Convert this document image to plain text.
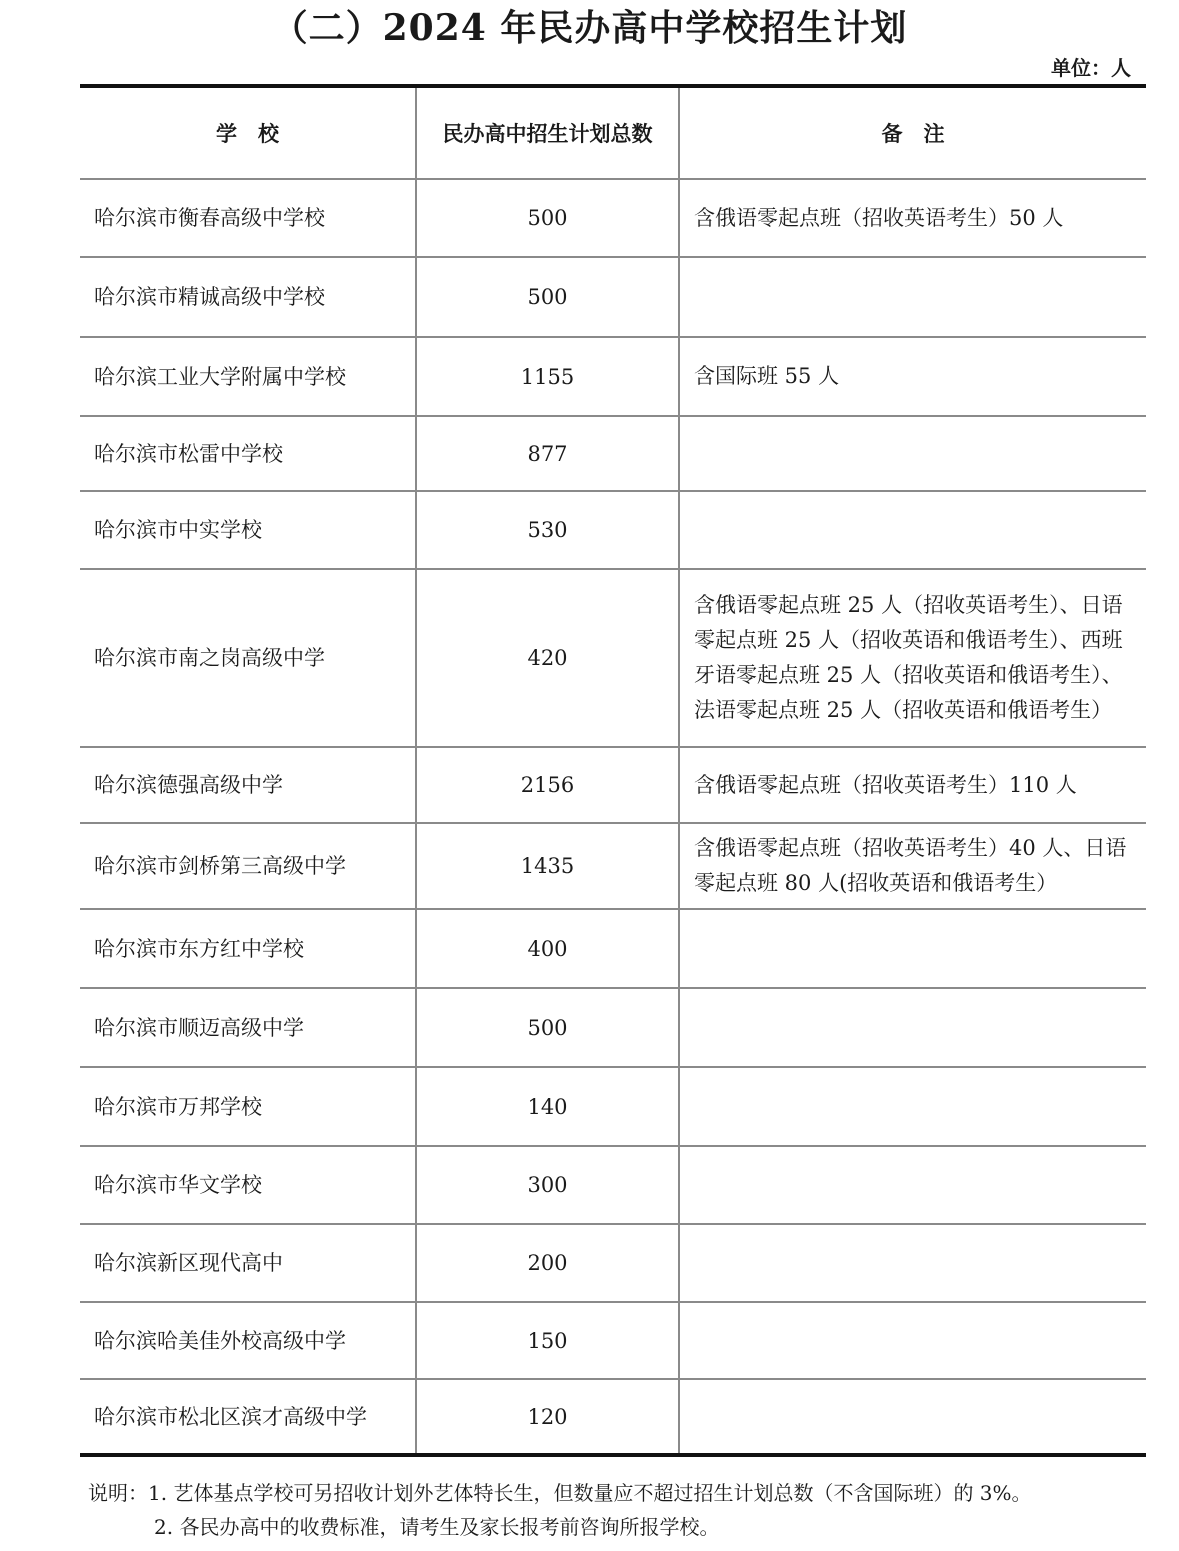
（二）2024 年民办高中学校招生计划
单位：人
学　校	民办高中招生计划总数	备　注
哈尔滨市衡春高级中学校	500	含俄语零起点班（招收英语考生）50 人
哈尔滨市精诚高级中学校	500	
哈尔滨工业大学附属中学校	1155	含国际班 55 人
哈尔滨市松雷中学校	877	
哈尔滨市中实学校	530	
哈尔滨市南之岗高级中学	420	含俄语零起点班 25 人（招收英语考生）、日语零起点班 25 人（招收英语和俄语考生）、西班牙语零起点班 25 人（招收英语和俄语考生）、法语零起点班 25 人（招收英语和俄语考生）
哈尔滨德强高级中学	2156	含俄语零起点班（招收英语考生）110 人
哈尔滨市剑桥第三高级中学	1435	含俄语零起点班（招收英语考生）40 人、日语零起点班 80 人(招收英语和俄语考生）
哈尔滨市东方红中学校	400	
哈尔滨市顺迈高级中学	500	
哈尔滨市万邦学校	140	
哈尔滨市华文学校	300	
哈尔滨新区现代高中	200	
哈尔滨哈美佳外校高级中学	150	
哈尔滨市松北区滨才高级中学	120	
说明：1. 艺体基点学校可另招收计划外艺体特长生，但数量应不超过招生计划总数（不含国际班）的 3%。
2. 各民办高中的收费标准，请考生及家长报考前咨询所报学校。
